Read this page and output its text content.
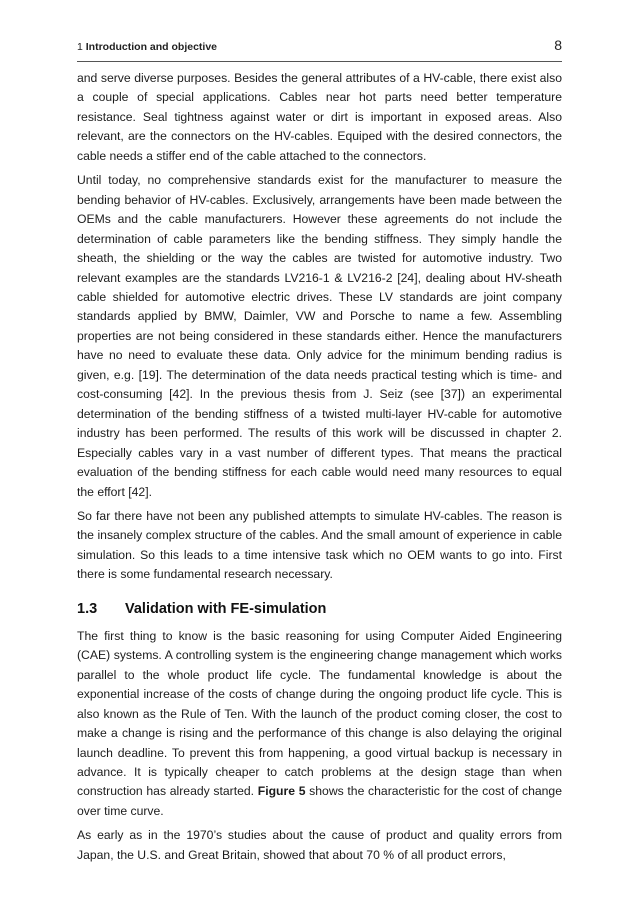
1 Introduction and objective	8

and serve diverse purposes. Besides the general attributes of a HV-cable, there exist also a couple of special applications. Cables near hot parts need better temperature resistance. Seal tightness against water or dirt is important in exposed areas. Also relevant, are the connectors on the HV-cables. Equiped with the desired connectors, the cable needs a stiffer end of the cable attached to the connectors.

Until today, no comprehensive standards exist for the manufacturer to measure the bending behavior of HV-cables. Exclusively, arrangements have been made between the OEMs and the cable manufacturers. However these agreements do not include the determination of cable parameters like the bending stiffness. They simply handle the sheath, the shielding or the way the cables are twisted for automotive industry. Two relevant examples are the standards LV216-1 & LV216-2 [24], dealing about HV-sheath cable shielded for automotive electric drives. These LV standards are joint company standards applied by BMW, Daimler, VW and Porsche to name a few. Assembling properties are not being considered in these standards either. Hence the manufacturers have no need to evaluate these data. Only advice for the minimum bending radius is given, e.g. [19]. The determination of the data needs practical testing which is time- and cost-consuming [42]. In the previous thesis from J. Seiz (see [37]) an experimental determination of the bending stiffness of a twisted multi-layer HV-cable for automotive industry has been performed. The results of this work will be discussed in chapter 2. Especially cables vary in a vast number of different types. That means the practical evaluation of the bending stiffness for each cable would need many resources to equal the effort [42].

So far there have not been any published attempts to simulate HV-cables. The reason is the insanely complex structure of the cables. And the small amount of experience in cable simulation. So this leads to a time intensive task which no OEM wants to go into. First there is some fundamental research necessary.

1.3 Validation with FE-simulation

The first thing to know is the basic reasoning for using Computer Aided Engineering (CAE) systems. A controlling system is the engineering change management which works parallel to the whole product life cycle. The fundamental knowledge is about the exponential increase of the costs of change during the ongoing product life cycle. This is also known as the Rule of Ten. With the launch of the product coming closer, the cost to make a change is rising and the performance of this change is also delaying the original launch deadline. To prevent this from happening, a good virtual backup is necessary in advance. It is typically cheaper to catch problems at the design stage than when construction has already started. Figure 5 shows the characteristic for the cost of change over time curve.

As early as in the 1970’s studies about the cause of product and quality errors from Japan, the U.S. and Great Britain, showed that about 70 % of all product errors,
